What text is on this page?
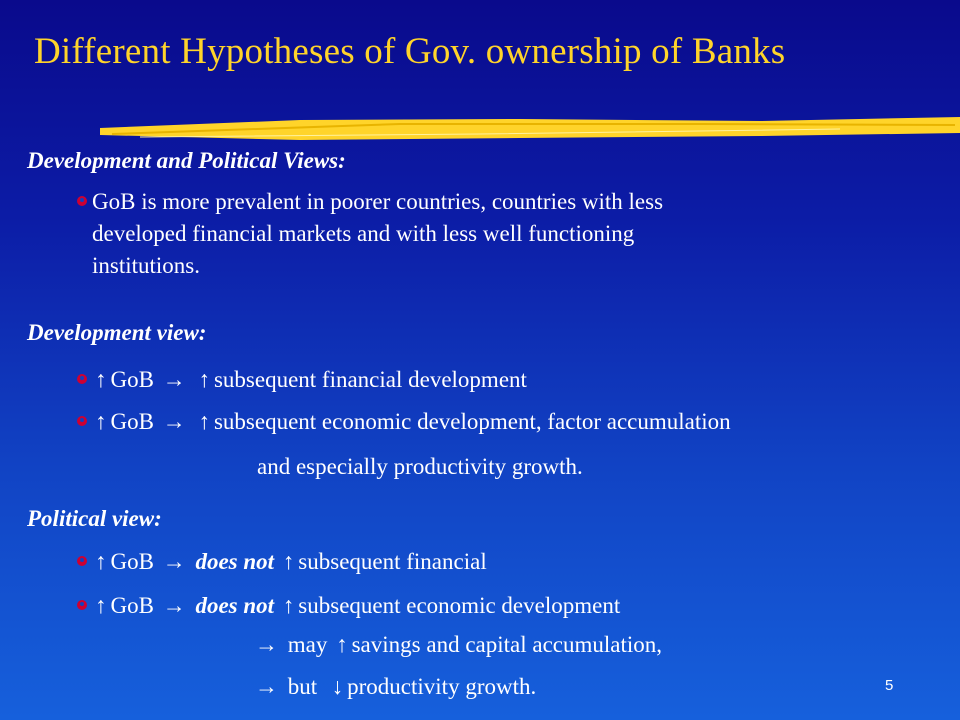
Different Hypotheses of Gov. ownership of Banks
Development and Political Views:
GoB is more prevalent in poorer countries, countries with less
developed financial markets and with less well functioning
institutions.
Development view:
↑ GoB → ↑ subsequent financial development
↑ GoB → ↑ subsequent economic development, factor accumulation
and especially productivity growth.
Political view:
↑ GoB → does not ↑ subsequent financial
↑ GoB → does not ↑ subsequent economic development
→ may ↑ savings and capital accumulation,
→ but ↓ productivity growth.	5
